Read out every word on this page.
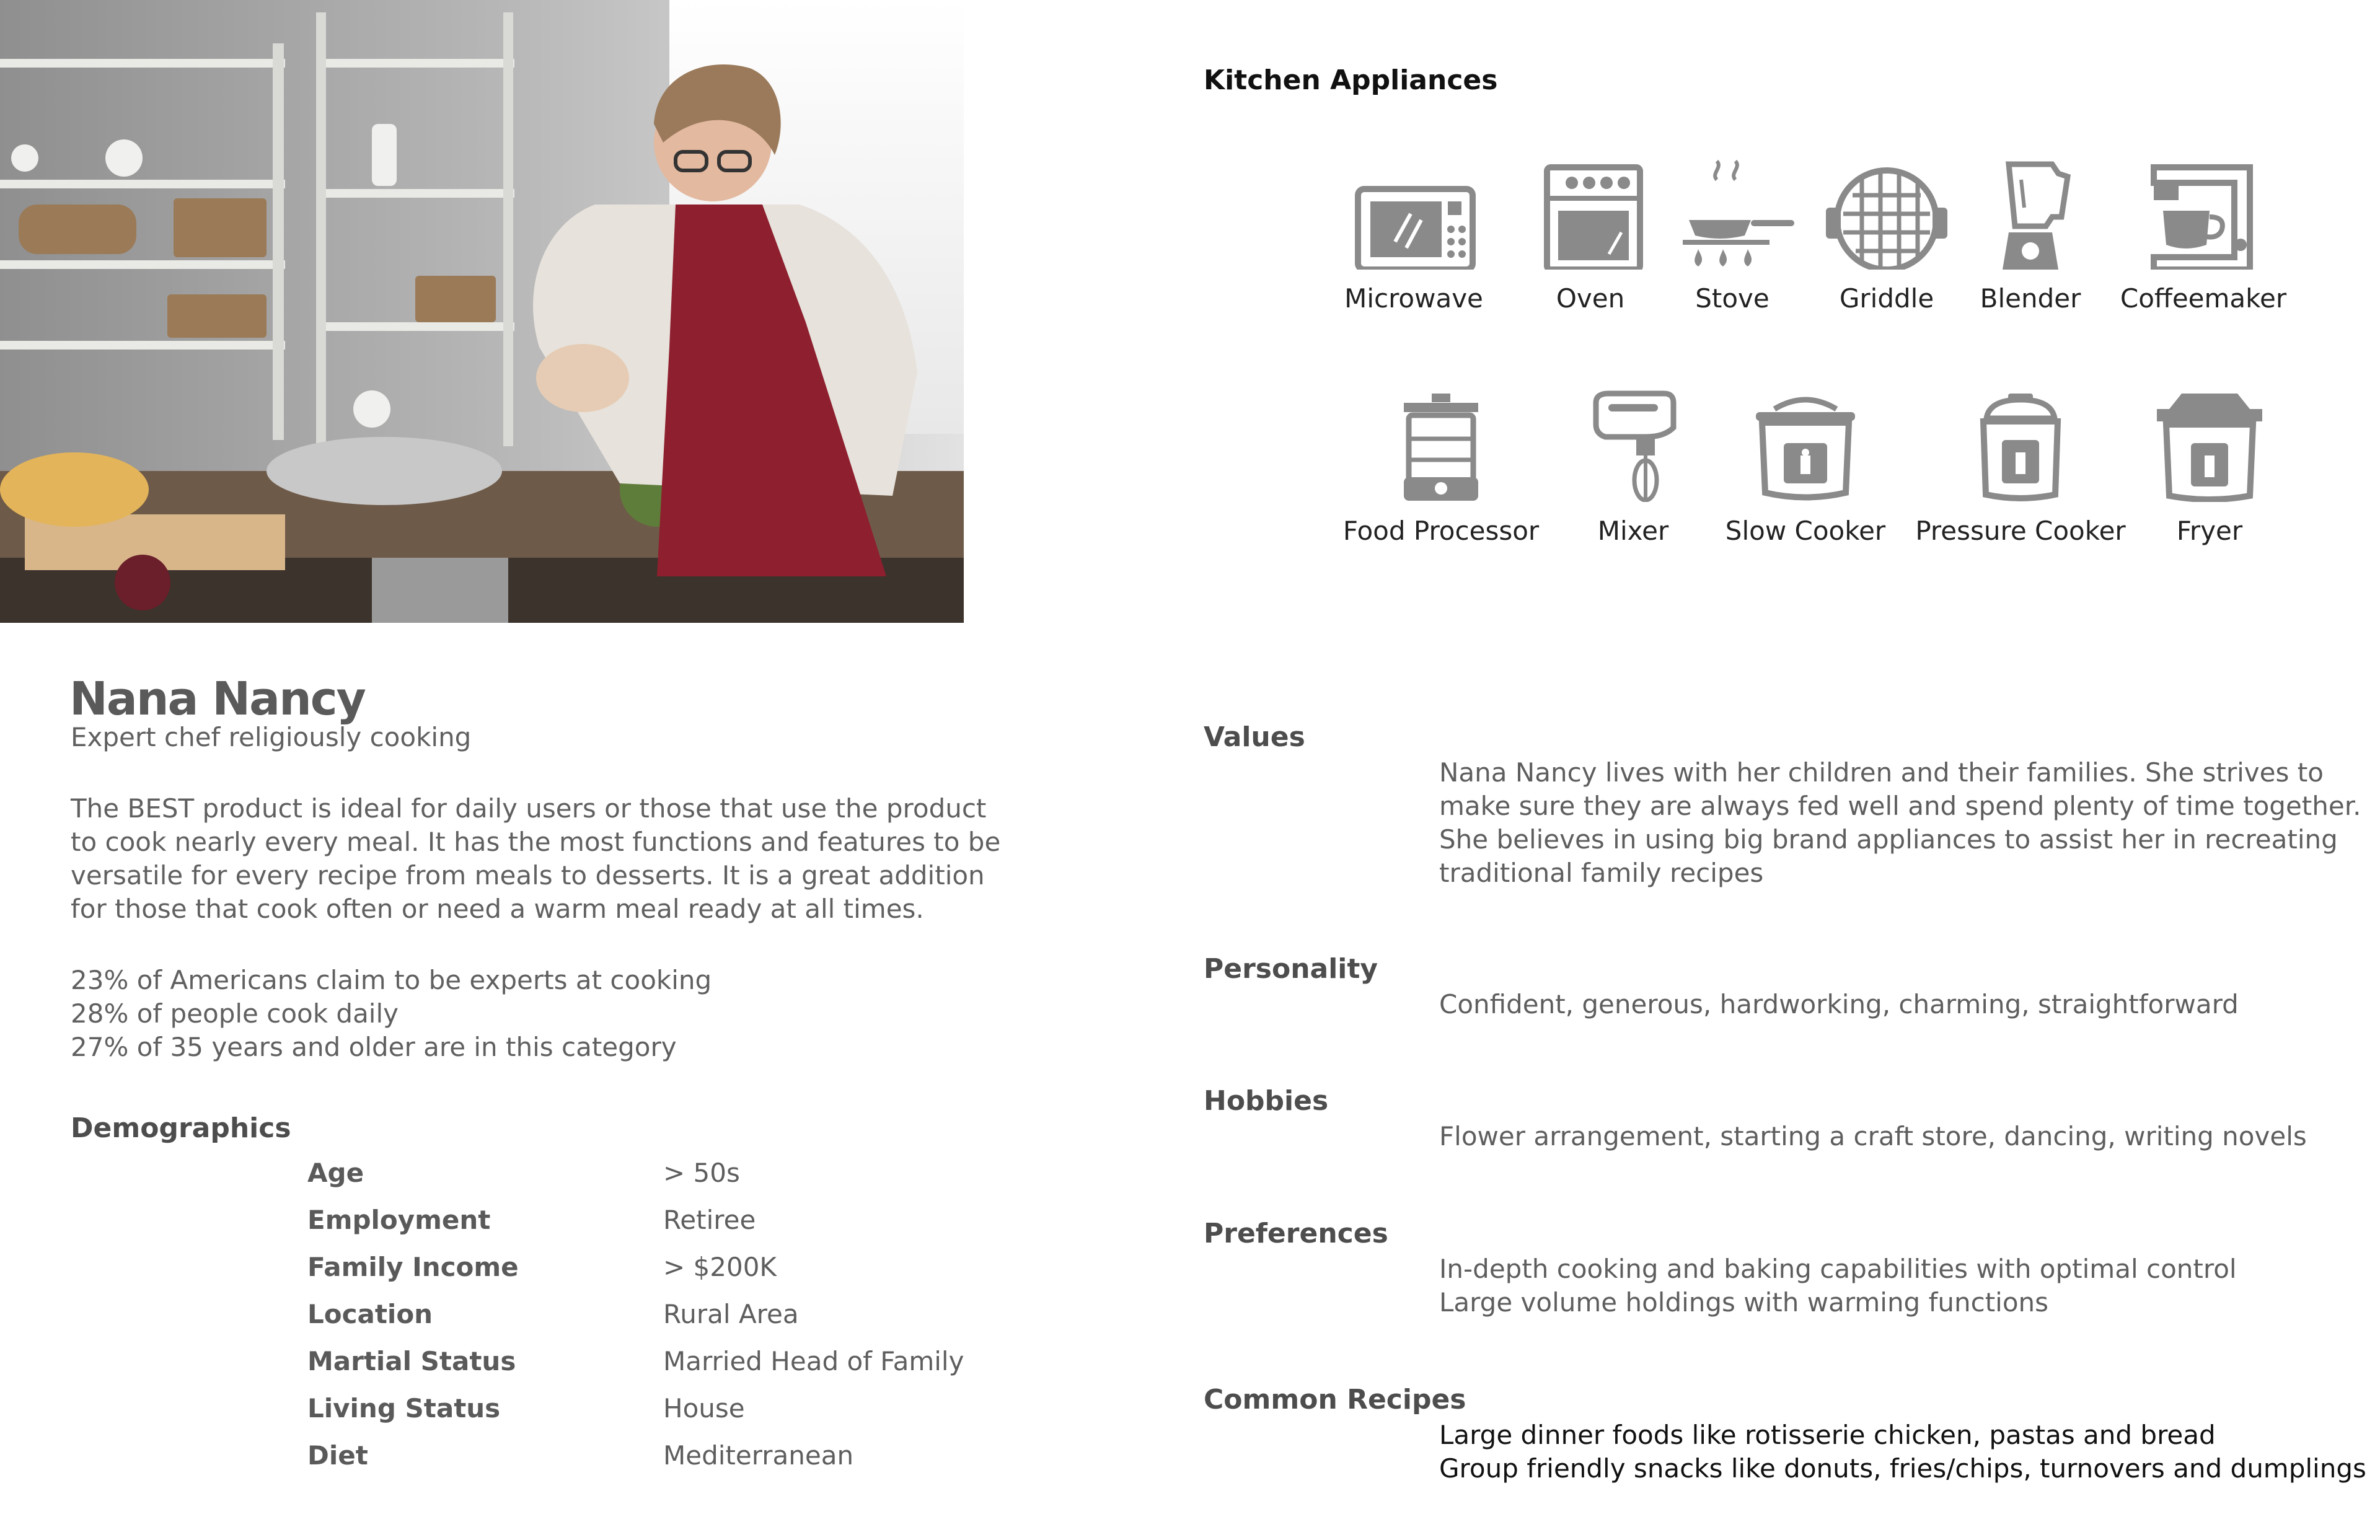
Nana Nancy
Expert chef religiously cooking
The BEST product is ideal for daily users or those that use the product
to cook nearly every meal. It has the most functions and features to be
versatile for every recipe from meals to desserts. It is a great addition
for those that cook often or need a warm meal ready at all times.
23% of Americans claim to be experts at cooking
28% of people cook daily
27% of 35 years and older are in this category
Demographics
Age	> 50s
Employment	Retiree
Family Income	> $200K
Location	Rural Area
Martial Status	Married Head of Family
Living Status	House
Diet	Mediterranean
Kitchen Appliances
Microwave	Oven	Stove	Griddle	Blender	Coffeemaker
Food Processor	Mixer	Slow Cooker	Pressure Cooker	Fryer
Values
Nana Nancy lives with her children and their families. She strives to
make sure they are always fed well and spend plenty of time together.
She believes in using big brand appliances to assist her in recreating
traditional family recipes
Personality
Confident, generous, hardworking, charming, straightforward
Hobbies
Flower arrangement, starting a craft store, dancing, writing novels
Preferences
In-depth cooking and baking capabilities with optimal control
Large volume holdings with warming functions
Common Recipes
Large dinner foods like rotisserie chicken, pastas and bread
Group friendly snacks like donuts, fries/chips, turnovers and dumplings
